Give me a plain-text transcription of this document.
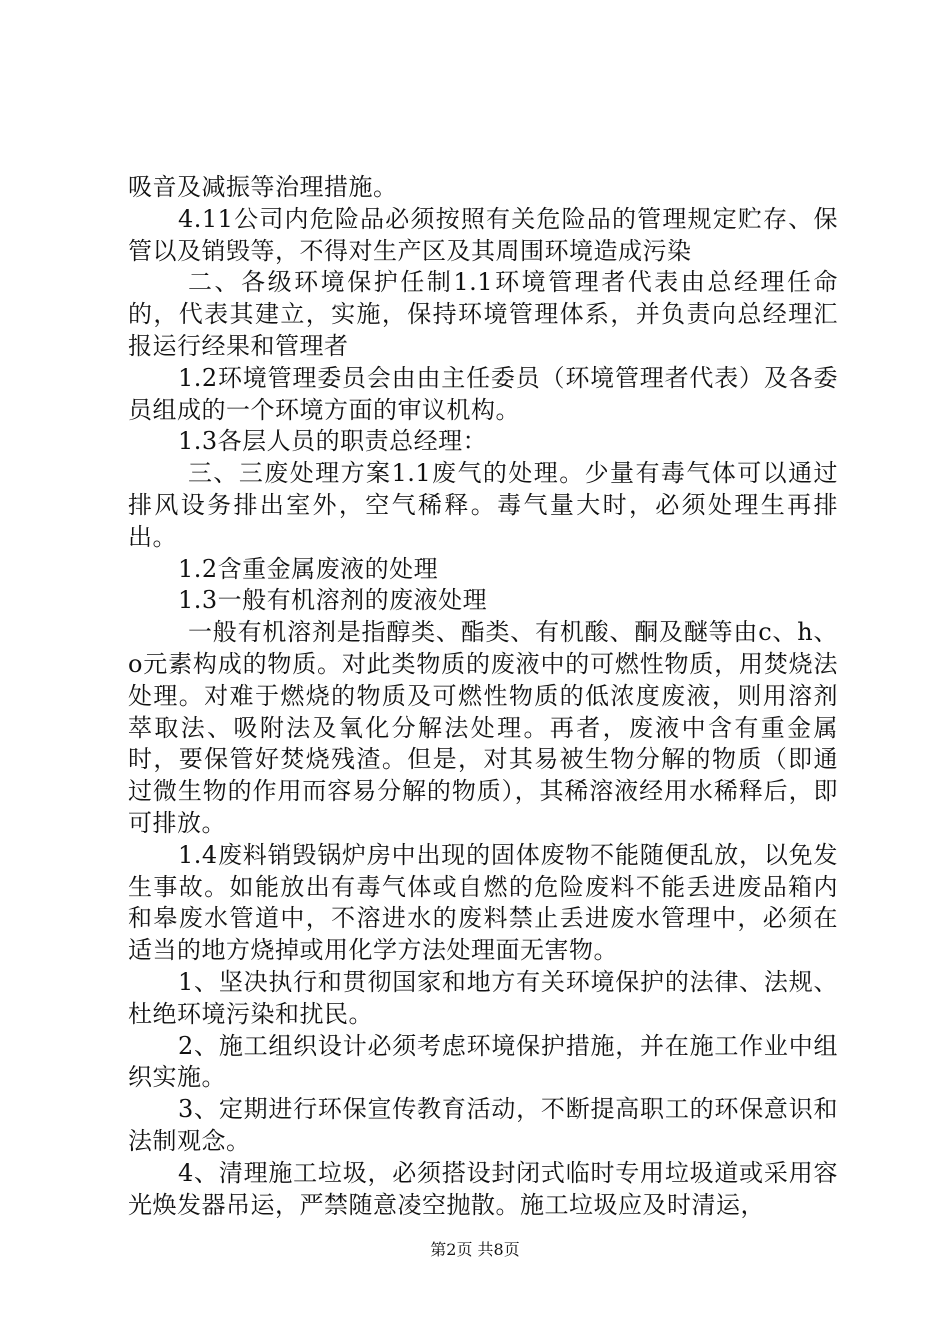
吸音及减振等治理措施。

4.11公司内危险品必须按照有关危险品的管理规定贮存、保管以及销毁等，不得对生产区及其周围环境造成污染

二、各级环境保护任制1.1环境管理者代表由总经理任命的，代表其建立，实施，保持环境管理体系，并负责向总经理汇报运行经果和管理者

1.2环境管理委员会由由主任委员（环境管理者代表）及各委员组成的一个环境方面的审议机构。

1.3各层人员的职责总经理：

三、三废处理方案1.1废气的处理。少量有毒气体可以通过排风设务排出室外，空气稀释。毒气量大时，必须处理生再排出。

1.2含重金属废液的处理

1.3一般有机溶剂的废液处理

一般有机溶剂是指醇类、酯类、有机酸、酮及醚等由c、h、o元素构成的物质。对此类物质的废液中的可燃性物质，用焚烧法处理。对难于燃烧的物质及可燃性物质的低浓度废液，则用溶剂萃取法、吸附法及氧化分解法处理。再者，废液中含有重金属时，要保管好焚烧残渣。但是，对其易被生物分解的物质（即通过微生物的作用而容易分解的物质），其稀溶液经用水稀释后，即可排放。

1.4废料销毁锅炉房中出现的固体废物不能随便乱放，以免发生事故。如能放出有毒气体或自燃的危险废料不能丢进废品箱内和皋废水管道中，不溶进水的废料禁止丢进废水管理中，必须在适当的地方烧掉或用化学方法处理面无害物。

1、坚决执行和贯彻国家和地方有关环境保护的法律、法规、杜绝环境污染和扰民。

2、施工组织设计必须考虑环境保护措施，并在施工作业中组织实施。

3、定期进行环保宣传教育活动，不断提高职工的环保意识和法制观念。

4、清理施工垃圾，必须搭设封闭式临时专用垃圾道或采用容光焕发器吊运，严禁随意凌空抛散。施工垃圾应及时清运，

第2页 共8页
